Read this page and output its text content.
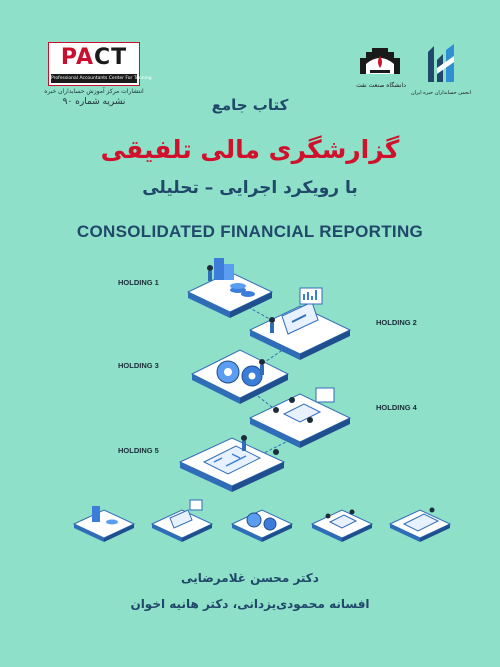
PACT
Professional Accountants Center For Training
انتشارات مرکز آموزش حسابداران خبره
نشریه شماره ۹۰
دانشگاه صنعت نفت
انجمن حسابداران خبره ایران
کتاب جامع
گزارشگری مالی تلفیقی
با رویکرد اجرایی – تحلیلی
CONSOLIDATED FINANCIAL REPORTING
HOLDING 1
HOLDING 2
HOLDING 3
HOLDING 4
HOLDING 5
دکتر محسن غلامرضایی
افسانه محمودی‌یزدانی، دکتر هانیه اخوان
